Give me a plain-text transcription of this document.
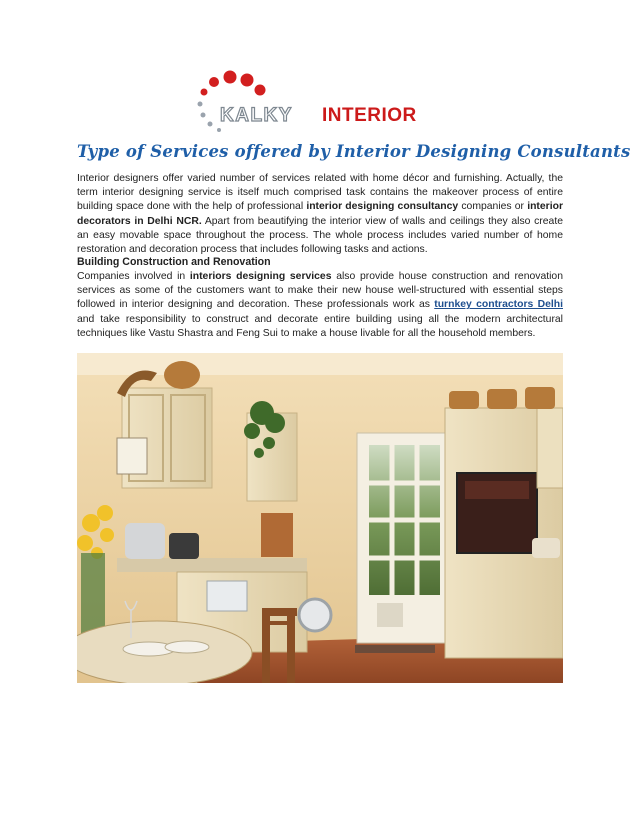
KALKY INTERIOR
Type of Services offered by Interior Designing Consultants

Interior designers offer varied number of services related with home décor and furnishing. Actually, the term interior designing service is itself much comprised task contains the makeover process of entire building space done with the help of professional interior designing consultancy companies or interior decorators in Delhi NCR. Apart from beautifying the interior view of walls and ceilings they also create an easy movable space throughout the process. The whole process includes varied number of home restoration and decoration process that includes following tasks and actions.

Building Construction and Renovation

Companies involved in interiors designing services also provide house construction and renovation services as some of the customers want to make their new house well-structured with essential steps followed in interior designing and decoration. These professionals work as turnkey contractors Delhi and take responsibility to construct and decorate entire building using all the modern architectural techniques like Vastu Shastra and Feng Sui to make a house livable for all the household members.
